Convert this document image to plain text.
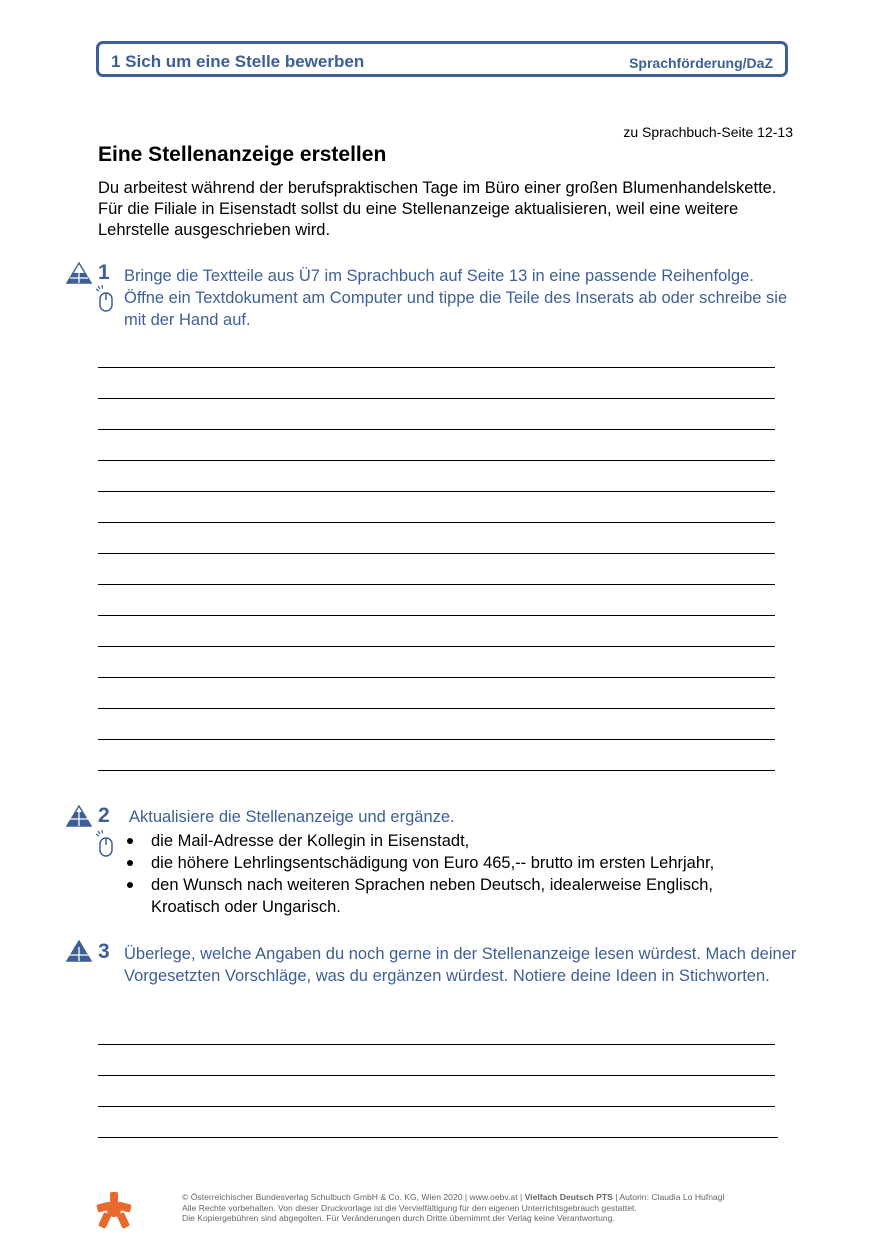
1 Sich um eine Stelle bewerben	Sprachförderung/DaZ
zu Sprachbuch-Seite 12-13
Eine Stellenanzeige erstellen
Du arbeitest während der berufspraktischen Tage im Büro einer großen Blumenhandelskette. Für die Filiale in Eisenstadt sollst du eine Stellenanzeige aktualisieren, weil eine weitere Lehrstelle ausgeschrieben wird.
1 Bringe die Textteile aus Ü7 im Sprachbuch auf Seite 13 in eine passende Reihenfolge. Öffne ein Textdokument am Computer und tippe die Teile des Inserats ab oder schreibe sie mit der Hand auf.
2 Aktualisiere die Stellenanzeige und ergänze.
die Mail-Adresse der Kollegin in Eisenstadt,
die höhere Lehrlingsentschädigung von Euro 465,-- brutto im ersten Lehrjahr,
den Wunsch nach weiteren Sprachen neben Deutsch, idealerweise Englisch, Kroatisch oder Ungarisch.
3 Überlege, welche Angaben du noch gerne in der Stellenanzeige lesen würdest. Mach deiner Vorgesetzten Vorschläge, was du ergänzen würdest. Notiere deine Ideen in Stichworten.
© Österreichischer Bundesverlag Schulbuch GmbH & Co. KG, Wien 2020 | www.oebv.at | Vielfach Deutsch PTS | Autorin: Claudia Lo Hufnagl
Alle Rechte vorbehalten. Von dieser Druckvorlage ist die Vervielfältigung für den eigenen Unterrichtsgebrauch gestattet.
Die Kopiergebühren sind abgegolten. Für Veränderungen durch Dritte übernimmt der Verlag keine Verantwortung.
